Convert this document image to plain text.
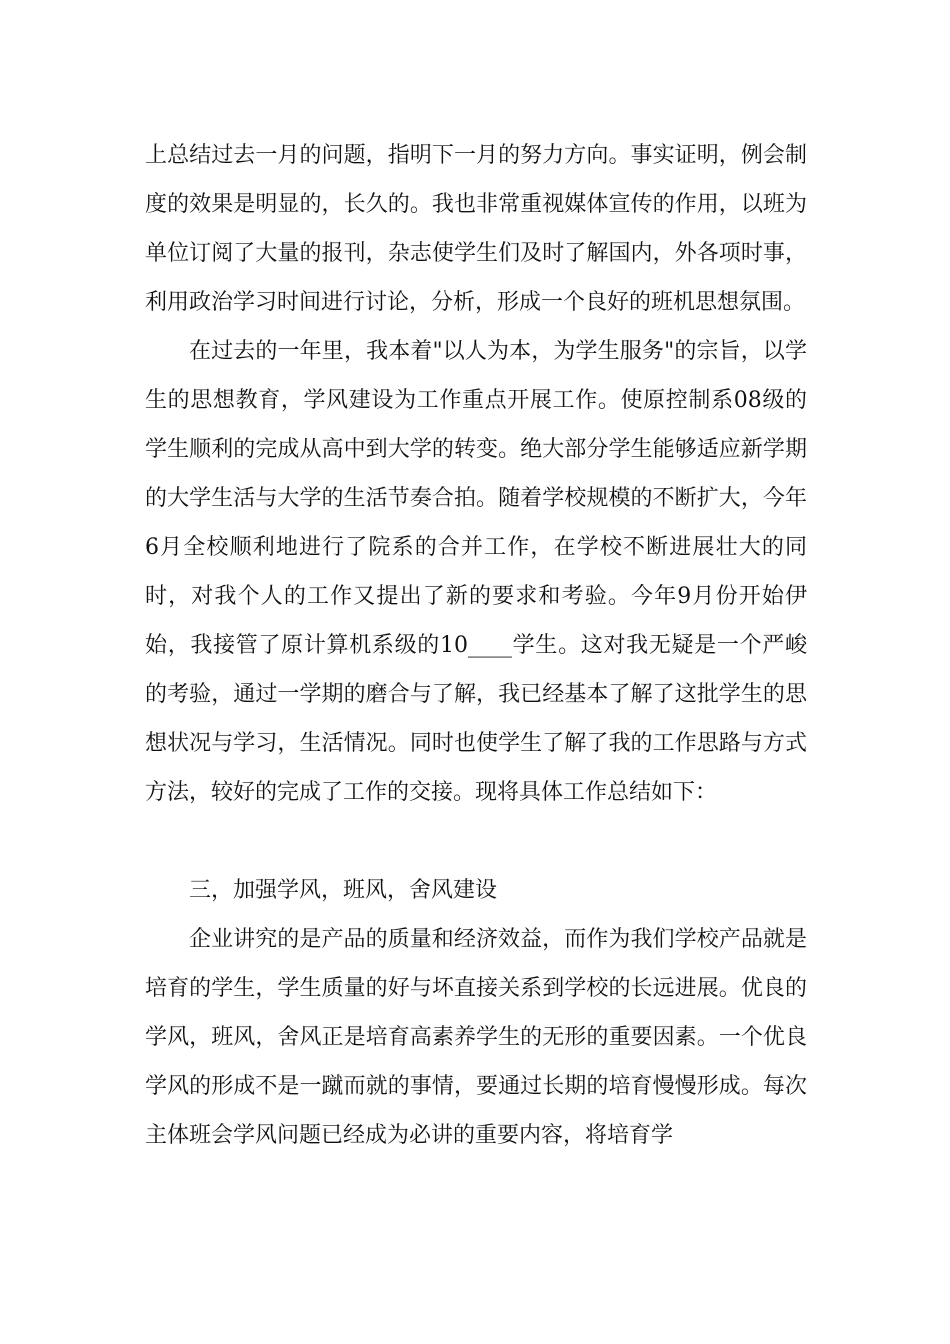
上总结过去一月的问题，指明下一月的努力方向。事实证明，例会制度的效果是明显的，长久的。我也非常重视媒体宣传的作用，以班为单位订阅了大量的报刊，杂志使学生们及时了解国内，外各项时事，利用政治学习时间进行讨论，分析，形成一个良好的班机思想氛围。

在过去的一年里，我本着"以人为本，为学生服务"的宗旨，以学生的思想教育，学风建设为工作重点开展工作。使原控制系08级的学生顺利的完成从高中到大学的转变。绝大部分学生能够适应新学期的大学生活与大学的生活节奏合拍。随着学校规模的不断扩大，今年6月全校顺利地进行了院系的合并工作，在学校不断进展壮大的同时，对我个人的工作又提出了新的要求和考验。今年9月份开始伊始，我接管了原计算机系级的10____学生。这对我无疑是一个严峻的考验，通过一学期的磨合与了解，我已经基本了解了这批学生的思想状况与学习，生活情况。同时也使学生了解了我的工作思路与方式方法，较好的完成了工作的交接。现将具体工作总结如下：

三，加强学风，班风，舍风建设

企业讲究的是产品的质量和经济效益，而作为我们学校产品就是培育的学生，学生质量的好与坏直接关系到学校的长远进展。优良的学风，班风，舍风正是培育高素养学生的无形的重要因素。一个优良学风的形成不是一蹴而就的事情，要通过长期的培育慢慢形成。每次主体班会学风问题已经成为必讲的重要内容，将培育学
